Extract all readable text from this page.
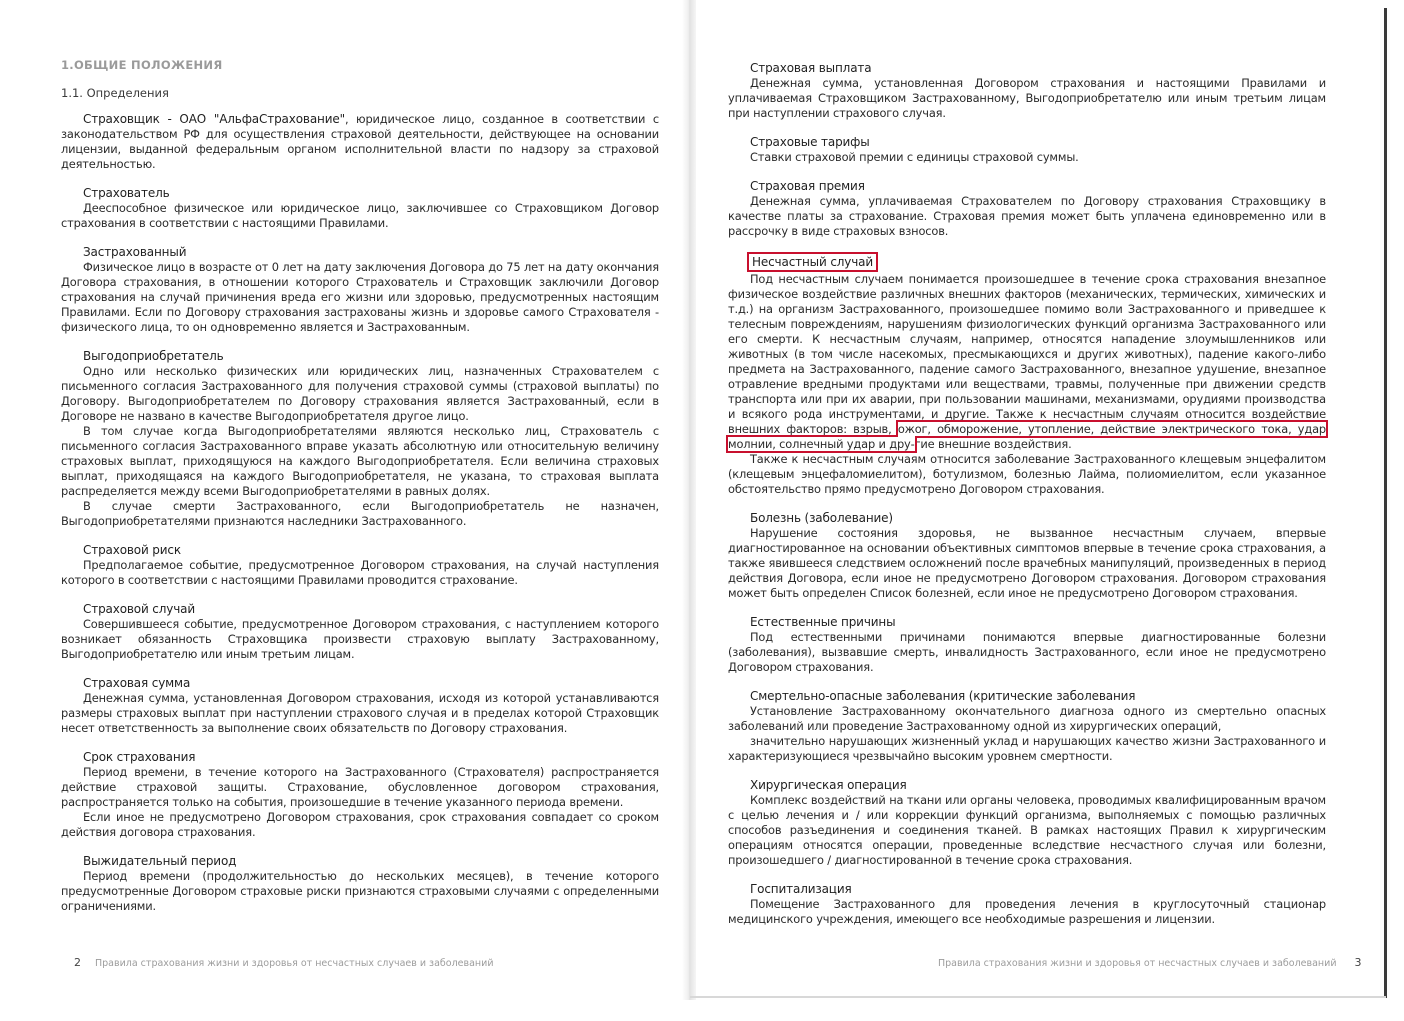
1.ОБЩИЕ ПОЛОЖЕНИЯ
1.1. Определения

Страховщик - ОАО "АльфаСтрахование", юридическое лицо, созданное в соответствии с законодательством РФ для осуществления страховой деятельности, действующее на основании лицензии, выданной федеральным органом исполнительной власти по надзору за страховой деятельностью.

Страхователь

Дееспособное физическое или юридическое лицо, заключившее со Страховщиком Договор страхования в соответствии с настоящими Правилами.

Застрахованный

Физическое лицо в возрасте от 0 лет на дату заключения Договора до 75 лет на дату окончания Договора страхования, в отношении которого Страхователь и Страховщик заключили Договор страхования на случай причинения вреда его жизни или здоровью, предусмотренных настоящим Правилами. Если по Договору страхования застрахованы жизнь и здоровье самого Страхователя - физического лица, то он одновременно является и Застрахованным.

Выгодоприобретатель

Одно или несколько физических или юридических лиц, назначенных Страхователем с письменного согласия Застрахованного для получения страховой суммы (страховой выплаты) по Договору. Выгодоприобретателем по Договору страхования является Застрахованный, если в Договоре не названо в качестве Выгодоприобретателя другое лицо.

В том случае когда Выгодоприобретателями являются несколько лиц, Страхователь с письменного согласия Застрахованного вправе указать абсолютную или относительную величину страховых выплат, приходящуюся на каждого Выгодоприобретателя. Если величина страховых выплат, приходящаяся на каждого Выгодоприобретателя, не указана, то страховая выплата распределяется между всеми Выгодоприобретателями в равных долях.

В случае смерти Застрахованного, если Выгодоприобретатель не назначен, Выгодоприобретателями признаются наследники Застрахованного.

Страховой риск

Предполагаемое событие, предусмотренное Договором страхования, на случай наступления которого в соответствии с настоящими Правилами проводится страхование.

Страховой случай

Совершившееся событие, предусмотренное Договором страхования, с наступлением которого возникает обязанность Страховщика произвести страховую выплату Застрахованному, Выгодоприобретателю или иным третьим лицам.

Страховая сумма

Денежная сумма, установленная Договором страхования, исходя из которой устанавливаются размеры страховых выплат при наступлении страхового случая и в пределах которой Страховщик несет ответственность за выполнение своих обязательств по Договору страхования.

Срок страхования

Период времени, в течение которого на Застрахованного (Страхователя) распространяется действие страховой защиты. Страхование, обусловленное договором страхования, распространяется только на события, произошедшие в течение указанного периода времени.

Если иное не предусмотрено Договором страхования, срок страхования совпадает со сроком действия договора страхования.

Выжидательный период

Период времени (продолжительностью до нескольких месяцев), в течение которого предусмотренные Договором страховые риски признаются страховыми случаями с определенными ограничениями.

Страховая выплата

Денежная сумма, установленная Договором страхования и настоящими Правилами и уплачиваемая Страховщиком Застрахованному, Выгодоприобретателю или иным третьим лицам при наступлении страхового случая.

Страховые тарифы

Ставки страховой премии с единицы страховой суммы.

Страховая премия

Денежная сумма, уплачиваемая Страхователем по Договору страхования Страховщику в качестве платы за страхование. Страховая премия может быть уплачена единовременно или в рассрочку в виде страховых взносов.

Несчастный случай

Под несчастным случаем понимается произошедшее в течение срока страхования внезапное физическое воздействие различных внешних факторов (механических, термических, химических и т.д.) на организм Застрахованного, произошедшее помимо воли Застрахованного и приведшее к телесным повреждениям, нарушениям физиологических функций организма Застрахованного или его смерти. К несчастным случаям, например, относятся нападение злоумышленников или животных (в том числе насекомых, пресмыкающихся и других животных), падение какого-либо предмета на Застрахованного, падение самого Застрахованного, внезапное удушение, внезапное отравление вредными продуктами или веществами, травмы, полученные при движении средств транспорта или при их аварии, при пользовании машинами, механизмами, орудиями производства и всякого рода инструментами, и другие. Также к несчастным случаям относится воздействие внешних факторов: взрыв, ожог, обморожение, утопление, действие электрического тока, удар молнии, солнечный удар и дру-гие внешние воздействия.

Также к несчастным случаям относится заболевание Застрахованного клещевым энцефалитом (клещевым энцефаломиелитом), ботулизмом, болезнью Лайма, полиомиелитом, если указанное обстоятельство прямо предусмотрено Договором страхования.

Болезнь (заболевание)

Нарушение состояния здоровья, не вызванное несчастным случаем, впервые диагностированное на основании объективных симптомов впервые в течение срока страхования, а также явившееся следствием осложнений после врачебных манипуляций, произведенных в период действия Договора, если иное не предусмотрено Договором страхования. Договором страхования может быть определен Список болезней, если иное не предусмотрено Договором страхования.

Естественные причины

Под естественными причинами понимаются впервые диагностированные болезни (заболевания), вызвавшие смерть, инвалидность Застрахованного, если иное не предусмотрено Договором страхования.

Смертельно-опасные заболевания (критические заболевания

Установление Застрахованному окончательного диагноза одного из смертельно опасных заболеваний или проведение Застрахованному одной из хирургических операций,

значительно нарушающих жизненный уклад и нарушающих качество жизни Застрахованного и характеризующиеся чрезвычайно высоким уровнем смертности.

Хирургическая операция

Комплекс воздействий на ткани или органы человека, проводимых квалифицированным врачом с целью лечения и / или коррекции функций организма, выполняемых с помощью различных способов разъединения и соединения тканей. В рамках настоящих Правил к хирургическим операциям относятся операции, проведенные вследствие несчастного случая или болезни, произошедшего / диагностированной в течение срока страхования.

Госпитализация

Помещение Застрахованного для проведения лечения в круглосуточный стационар медицинского учреждения, имеющего все необходимые разрешения и лицензии.

2 Правила страхования жизни и здоровья от несчастных случаев и заболеваний	Правила страхования жизни и здоровья от несчастных случаев и заболеваний 3
